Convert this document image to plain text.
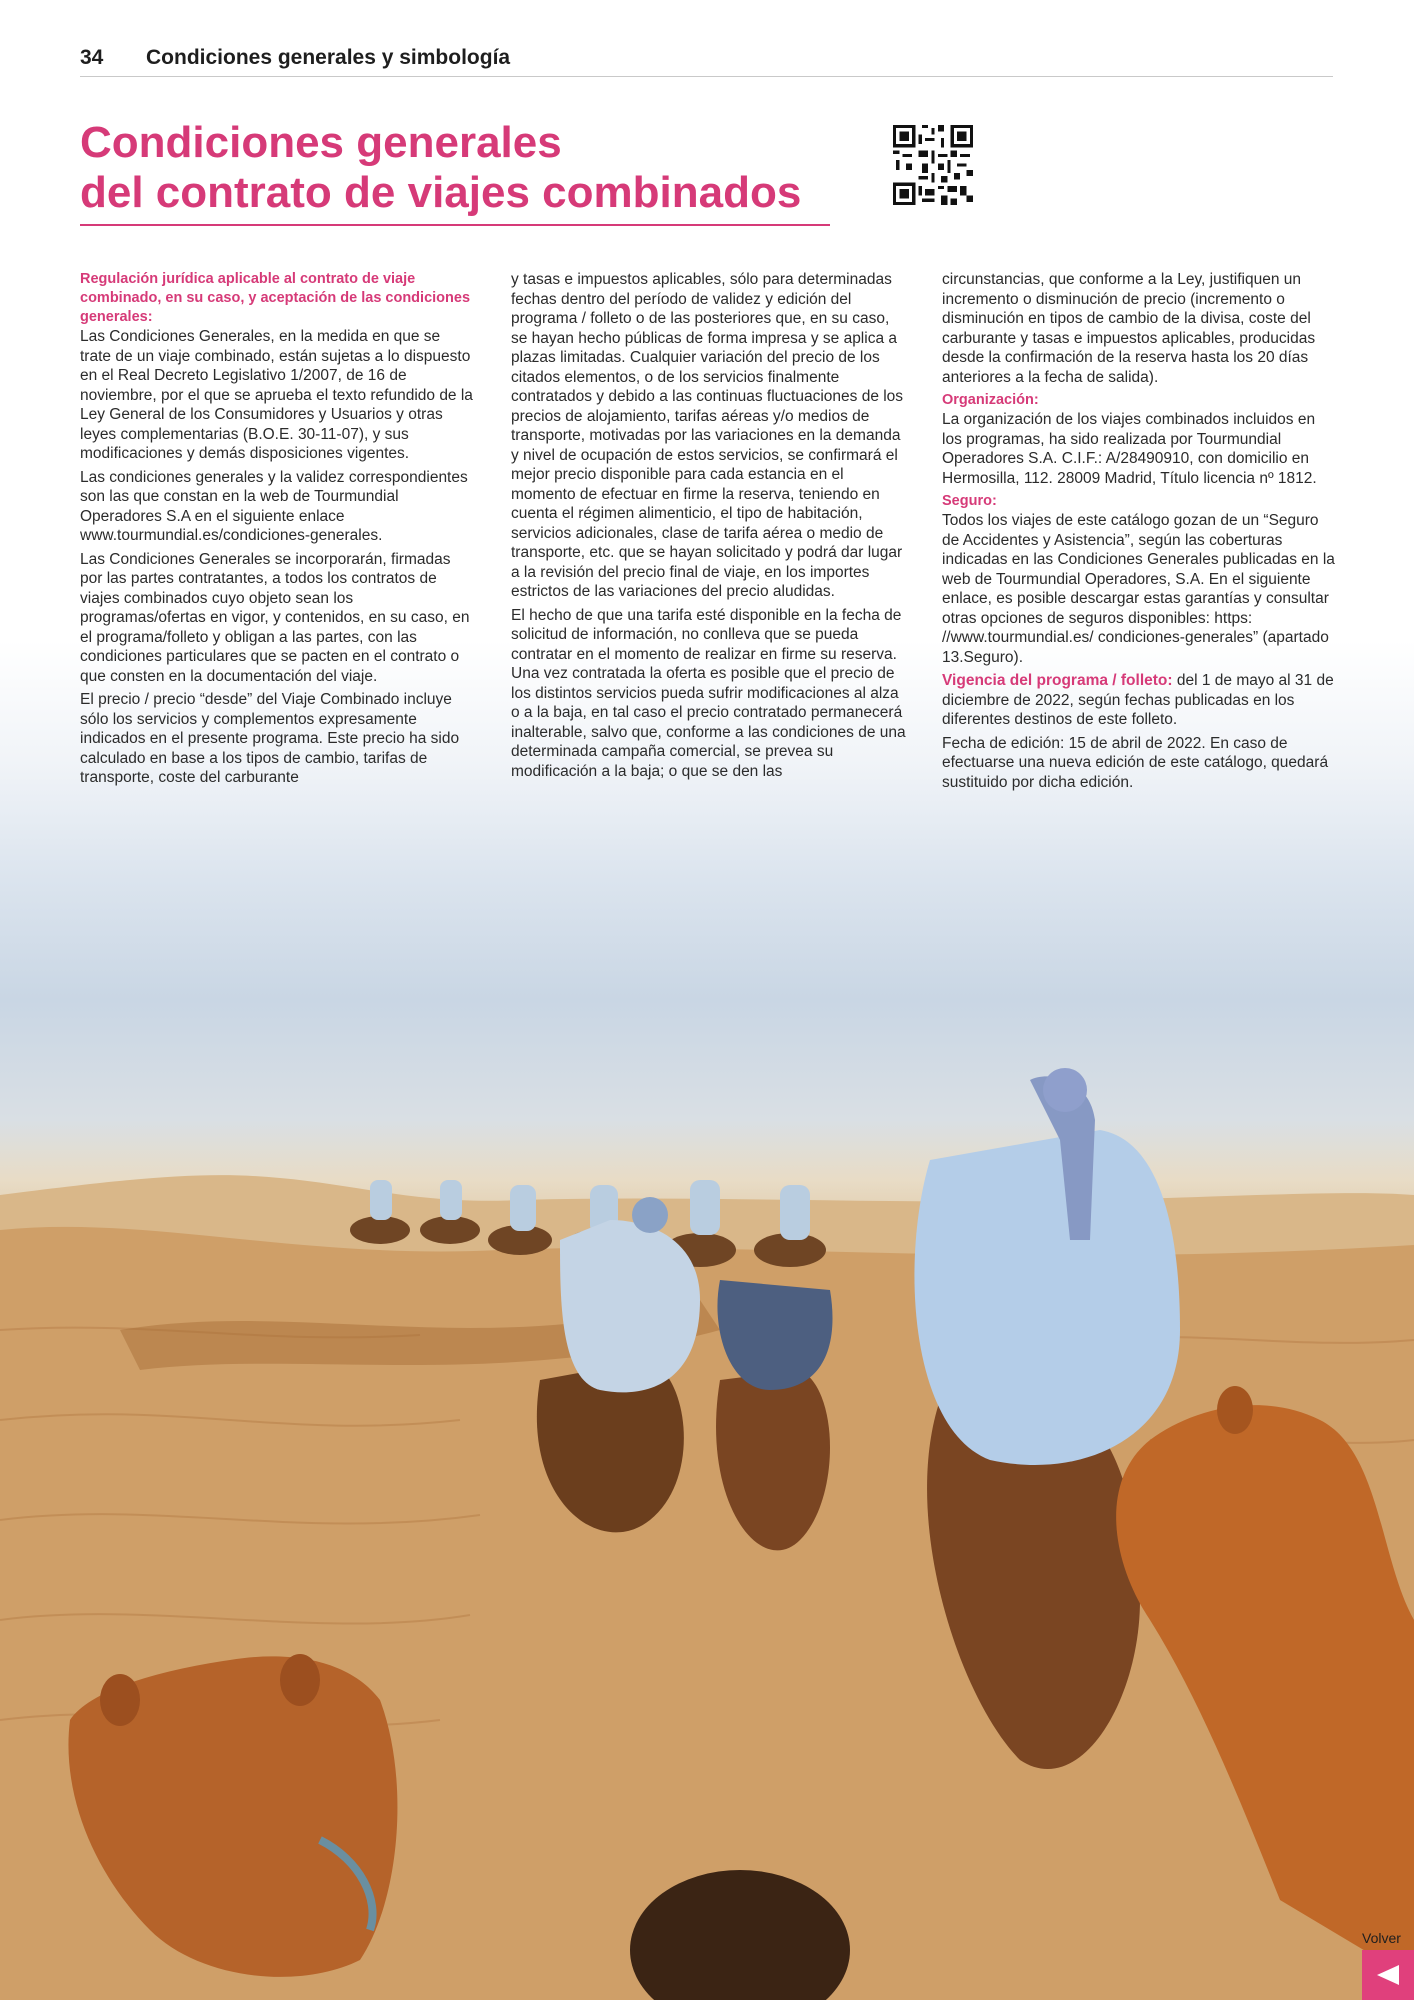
34 Condiciones generales y simbología
Condiciones generales
del contrato de viajes combinados

Regulación jurídica aplicable al contrato de viaje combinado, en su caso, y aceptación de las condiciones generales:

Las Condiciones Generales, en la medida en que se trate de un viaje combinado, están sujetas a lo dispuesto en el Real Decreto Legislativo 1/2007, de 16 de noviembre, por el que se aprueba el texto refundido de la Ley General de los Consumidores y Usuarios y otras leyes complementarias (B.O.E. 30-11-07), y sus modificaciones y demás disposiciones vigentes.

Las condiciones generales y la validez correspondientes son las que constan en la web de Tourmundial Operadores S.A en el siguiente enlace www.tourmundial.es/condiciones-generales.

Las Condiciones Generales se incorporarán, firmadas por las partes contratantes, a todos los contratos de viajes combinados cuyo objeto sean los programas/ofertas en vigor, y contenidos, en su caso, en el programa/folleto y obligan a las partes, con las condiciones particulares que se pacten en el contrato o que consten en la documentación del viaje.

El precio / precio “desde” del Viaje Combinado incluye sólo los servicios y complementos expresamente indicados en el presente programa. Este precio ha sido calculado en base a los tipos de cambio, tarifas de transporte, coste del carburante

y tasas e impuestos aplicables, sólo para determinadas fechas dentro del período de validez y edición del programa / folleto o de las posteriores que, en su caso, se hayan hecho públicas de forma impresa y se aplica a plazas limitadas. Cualquier variación del precio de los citados elementos, o de los servicios finalmente contratados y debido a las continuas fluctuaciones de los precios de alojamiento, tarifas aéreas y/o medios de transporte, motivadas por las variaciones en la demanda y nivel de ocupación de estos servicios, se confirmará el mejor precio disponible para cada estancia en el momento de efectuar en firme la reserva, teniendo en cuenta el régimen alimenticio, el tipo de habitación, servicios adicionales, clase de tarifa aérea o medio de transporte, etc. que se hayan solicitado y podrá dar lugar a la revisión del precio final de viaje, en los importes estrictos de las variaciones del precio aludidas.

El hecho de que una tarifa esté disponible en la fecha de solicitud de información, no conlleva que se pueda contratar en el momento de realizar en firme su reserva. Una vez contratada la oferta es posible que el precio de los distintos servicios pueda sufrir modificaciones al alza o a la baja, en tal caso el precio contratado permanecerá inalterable, salvo que, conforme a las condiciones de una determinada campaña comercial, se prevea su modificación a la baja; o que se den las

circunstancias, que conforme a la Ley, justifiquen un incremento o disminución de precio (incremento o disminución en tipos de cambio de la divisa, coste del carburante y tasas e impuestos aplicables, producidas desde la confirmación de la reserva hasta los 20 días anteriores a la fecha de salida).

Organización:

La organización de los viajes combinados incluidos en los programas, ha sido realizada por Tourmundial Operadores S.A. C.I.F.: A/28490910, con domicilio en Hermosilla, 112. 28009 Madrid, Título licencia nº 1812.

Seguro:

Todos los viajes de este catálogo gozan de un “Seguro de Accidentes y Asistencia”, según las coberturas indicadas en las Condiciones Generales publicadas en la web de Tourmundial Operadores, S.A. En el siguiente enlace, es posible descargar estas garantías y consultar otras opciones de seguros disponibles: https: //www.tourmundial.es/ condiciones-generales” (apartado 13.Seguro).

Vigencia del programa / folleto: del 1 de mayo al 31 de diciembre de 2022, según fechas publicadas en los diferentes destinos de este folleto.

Fecha de edición: 15 de abril de 2022. En caso de efectuarse una nueva edición de este catálogo, quedará sustituido por dicha edición.

Volver
